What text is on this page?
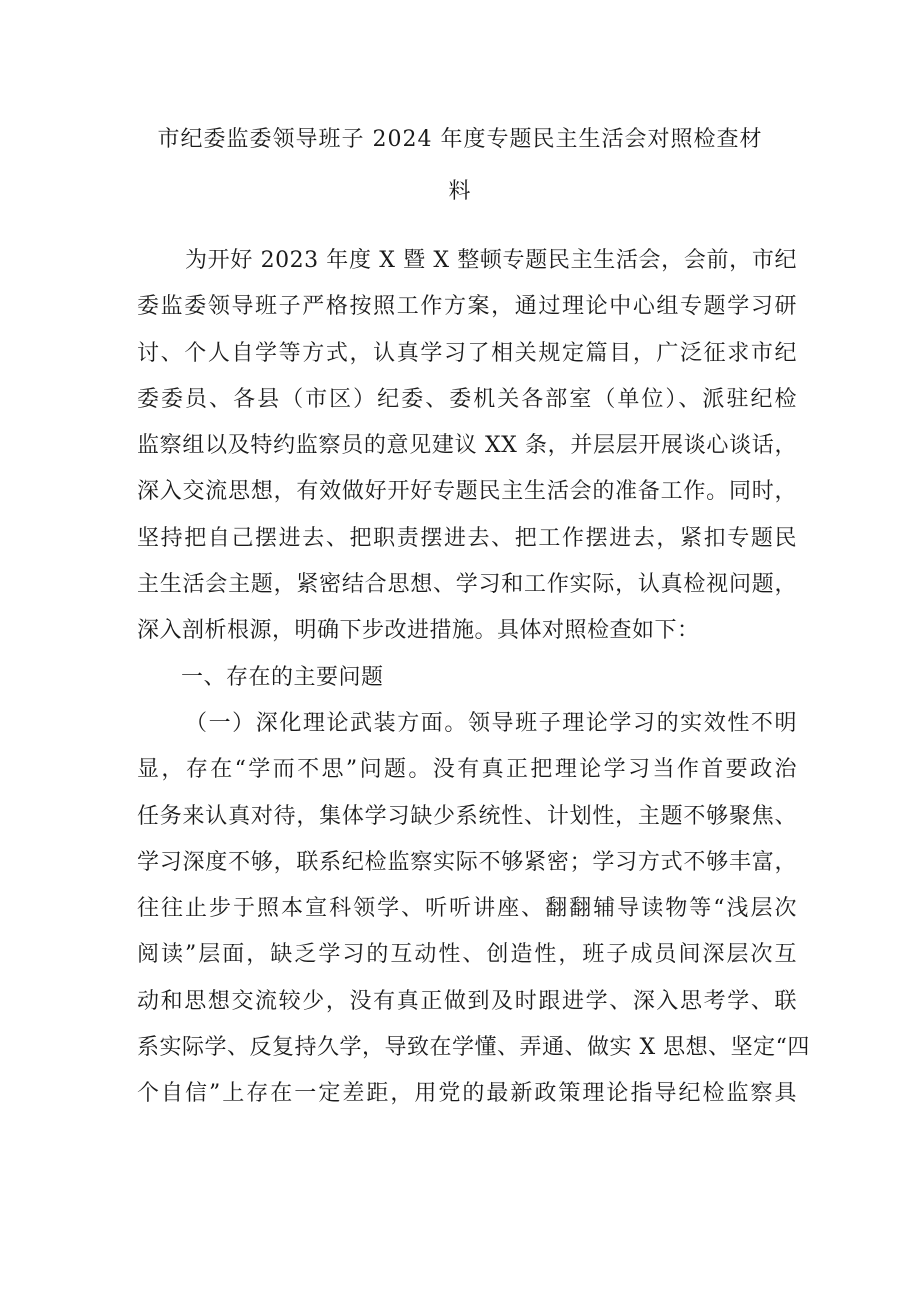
市纪委监委领导班子 2024 年度专题民主生活会对照检查材
料
为开好 2023 年度 X 暨 X 整顿专题民主生活会，会前，市纪
委监委领导班子严格按照工作方案，通过理论中心组专题学习研
讨、个人自学等方式，认真学习了相关规定篇目，广泛征求市纪
委委员、各县（市区）纪委、委机关各部室（单位）、派驻纪检
监察组以及特约监察员的意见建议 XX 条，并层层开展谈心谈话，
深入交流思想，有效做好开好专题民主生活会的准备工作。同时，
坚持把自己摆进去、把职责摆进去、把工作摆进去，紧扣专题民
主生活会主题，紧密结合思想、学习和工作实际，认真检视问题，
深入剖析根源，明确下步改进措施。具体对照检查如下：
一、存在的主要问题
（一）深化理论武装方面。领导班子理论学习的实效性不明
显，存在“学而不思”问题。没有真正把理论学习当作首要政治
任务来认真对待，集体学习缺少系统性、计划性，主题不够聚焦、
学习深度不够，联系纪检监察实际不够紧密；学习方式不够丰富，
往往止步于照本宣科领学、听听讲座、翻翻辅导读物等“浅层次
阅读”层面，缺乏学习的互动性、创造性，班子成员间深层次互
动和思想交流较少，没有真正做到及时跟进学、深入思考学、联
系实际学、反复持久学，导致在学懂、弄通、做实 X 思想、坚定“四
个自信”上存在一定差距，用党的最新政策理论指导纪检监察具
